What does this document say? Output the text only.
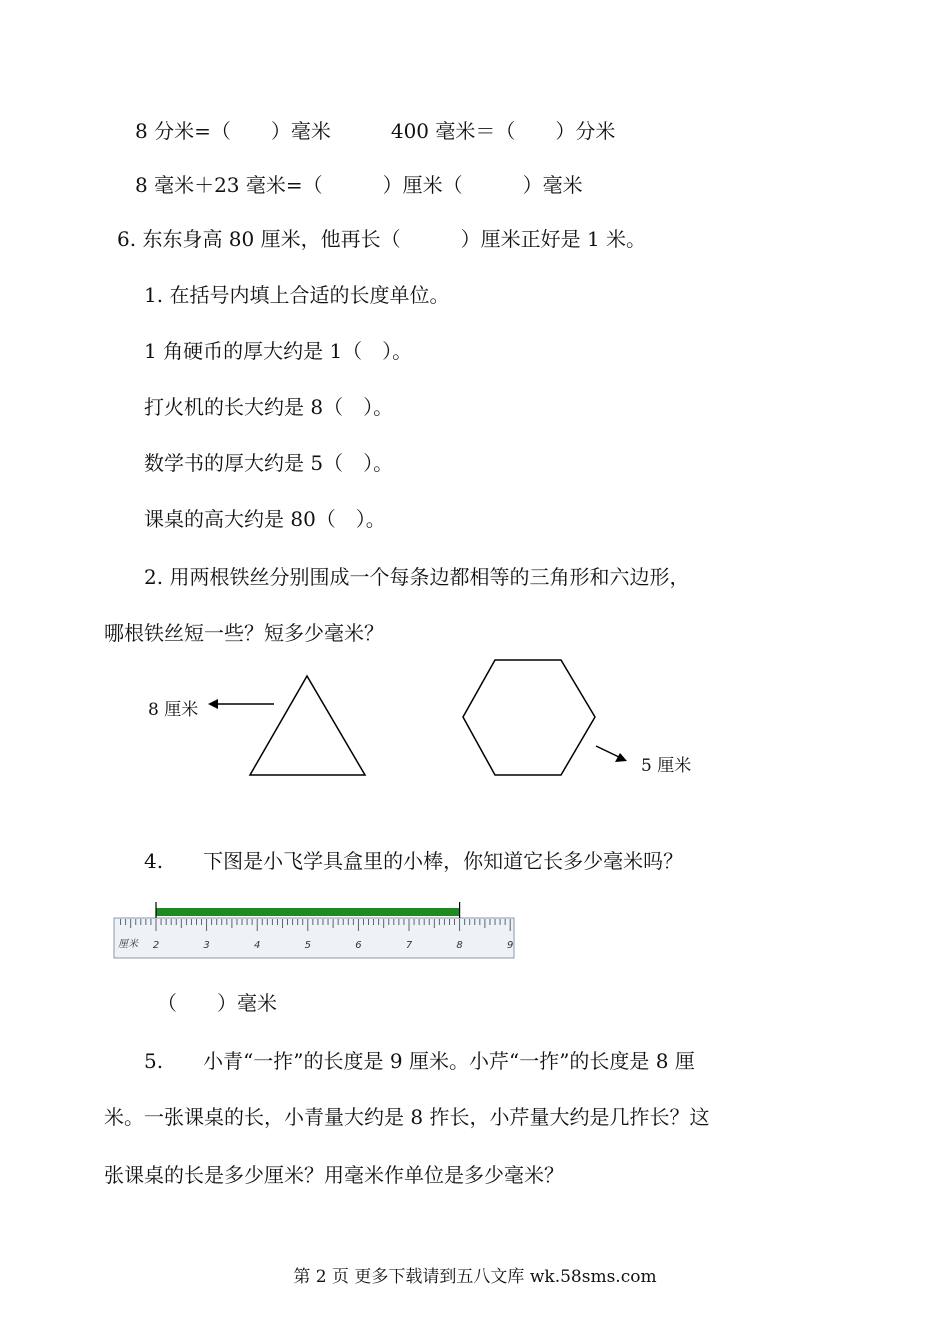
8 分米=（　　）毫米　　　400 毫米＝（　　）分米
8 毫米＋23 毫米=（　　　）厘米（　　　）毫米
6. 东东身高 80 厘米，他再长（　　　）厘米正好是 1 米。
1. 在括号内填上合适的长度单位。
1 角硬币的厚大约是 1（　）。
打火机的长大约是 8（　）。
数学书的厚大约是 5（　）。
课桌的高大约是 80（　）。
2. 用两根铁丝分别围成一个每条边都相等的三角形和六边形，
哪根铁丝短一些？短多少毫米？
8 厘米
5 厘米
4.　　下图是小飞学具盒里的小棒，你知道它长多少毫米吗？
厘米 2	3	4	5	6	7	8	9
（　　）毫米
5.　　小青“一拃”的长度是 9 厘米。小芹“一拃”的长度是 8 厘
米。一张课桌的长，小青量大约是 8 拃长，小芹量大约是几拃长？这
张课桌的长是多少厘米？用毫米作单位是多少毫米？
第 2 页 更多下载请到五八文库 wk.58sms.com
